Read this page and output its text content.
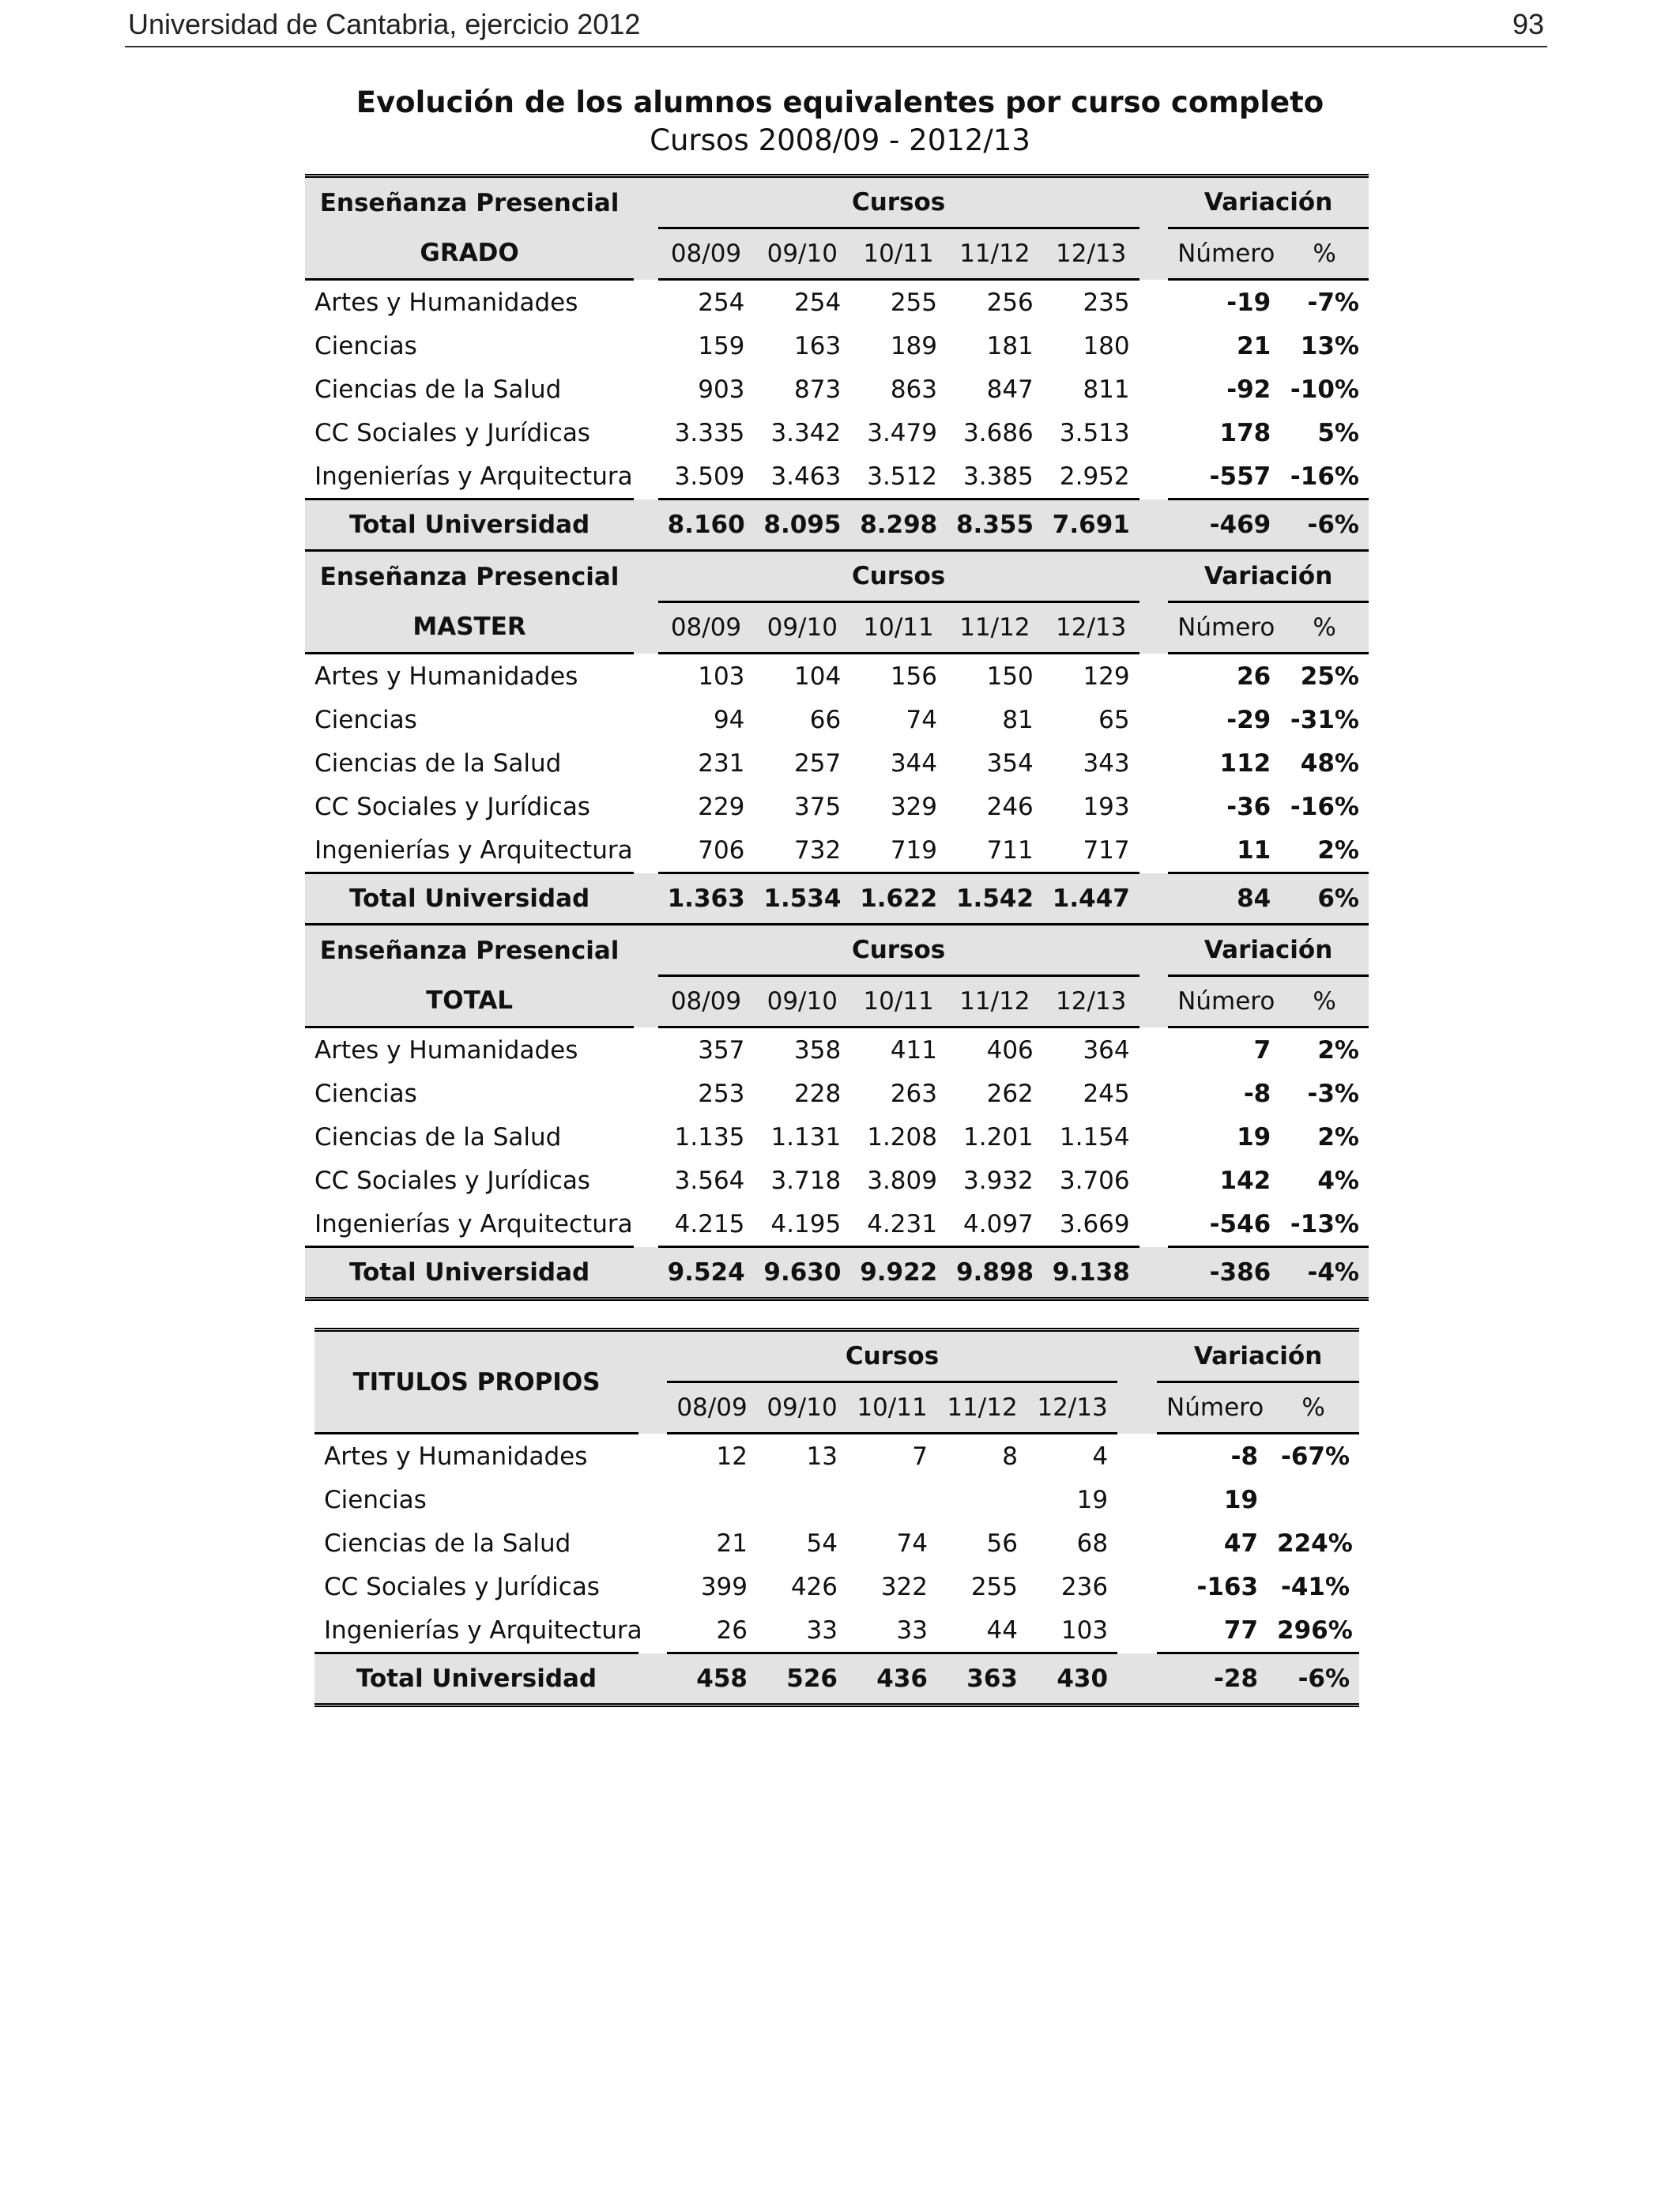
Universidad de Cantabria, ejercicio 2012	93
Evolución de los alumnos equivalentes por curso completo
Cursos 2008/09 - 2012/13
Enseñanza Presencial		Cursos						Variación	
GRADO		08/09	09/10	10/11	11/12	12/13		Número	%
Artes y Humanidades		254	254	255	256	235		-19	-7%
Ciencias		159	163	189	181	180		21	13%
Ciencias de la Salud		903	873	863	847	811		-92	-10%
CC Sociales y Jurídicas		3.335	3.342	3.479	3.686	3.513		178	5%
Ingenierías y Arquitectura		3.509	3.463	3.512	3.385	2.952		-557	-16%
Total Universidad		8.160	8.095	8.298	8.355	7.691		-469	-6%
Enseñanza Presencial		Cursos						Variación	
MASTER		08/09	09/10	10/11	11/12	12/13		Número	%
Artes y Humanidades		103	104	156	150	129		26	25%
Ciencias		94	66	74	81	65		-29	-31%
Ciencias de la Salud		231	257	344	354	343		112	48%
CC Sociales y Jurídicas		229	375	329	246	193		-36	-16%
Ingenierías y Arquitectura		706	732	719	711	717		11	2%
Total Universidad		1.363	1.534	1.622	1.542	1.447		84	6%
Enseñanza Presencial		Cursos						Variación	
TOTAL		08/09	09/10	10/11	11/12	12/13		Número	%
Artes y Humanidades		357	358	411	406	364		7	2%
Ciencias		253	228	263	262	245		-8	-3%
Ciencias de la Salud		1.135	1.131	1.208	1.201	1.154		19	2%
CC Sociales y Jurídicas		3.564	3.718	3.809	3.932	3.706		142	4%
Ingenierías y Arquitectura		4.215	4.195	4.231	4.097	3.669		-546	-13%
Total Universidad		9.524	9.630	9.922	9.898	9.138		-386	-4%
TITULOS PROPIOS		Cursos						Variación	
		08/09	09/10	10/11	11/12	12/13		Número	%
Artes y Humanidades		12	13	7	8	4		-8	-67%
Ciencias						19		19	
Ciencias de la Salud		21	54	74	56	68		47	224%
CC Sociales y Jurídicas		399	426	322	255	236		-163	-41%
Ingenierías y Arquitectura		26	33	33	44	103		77	296%
Total Universidad		458	526	436	363	430		-28	-6%
